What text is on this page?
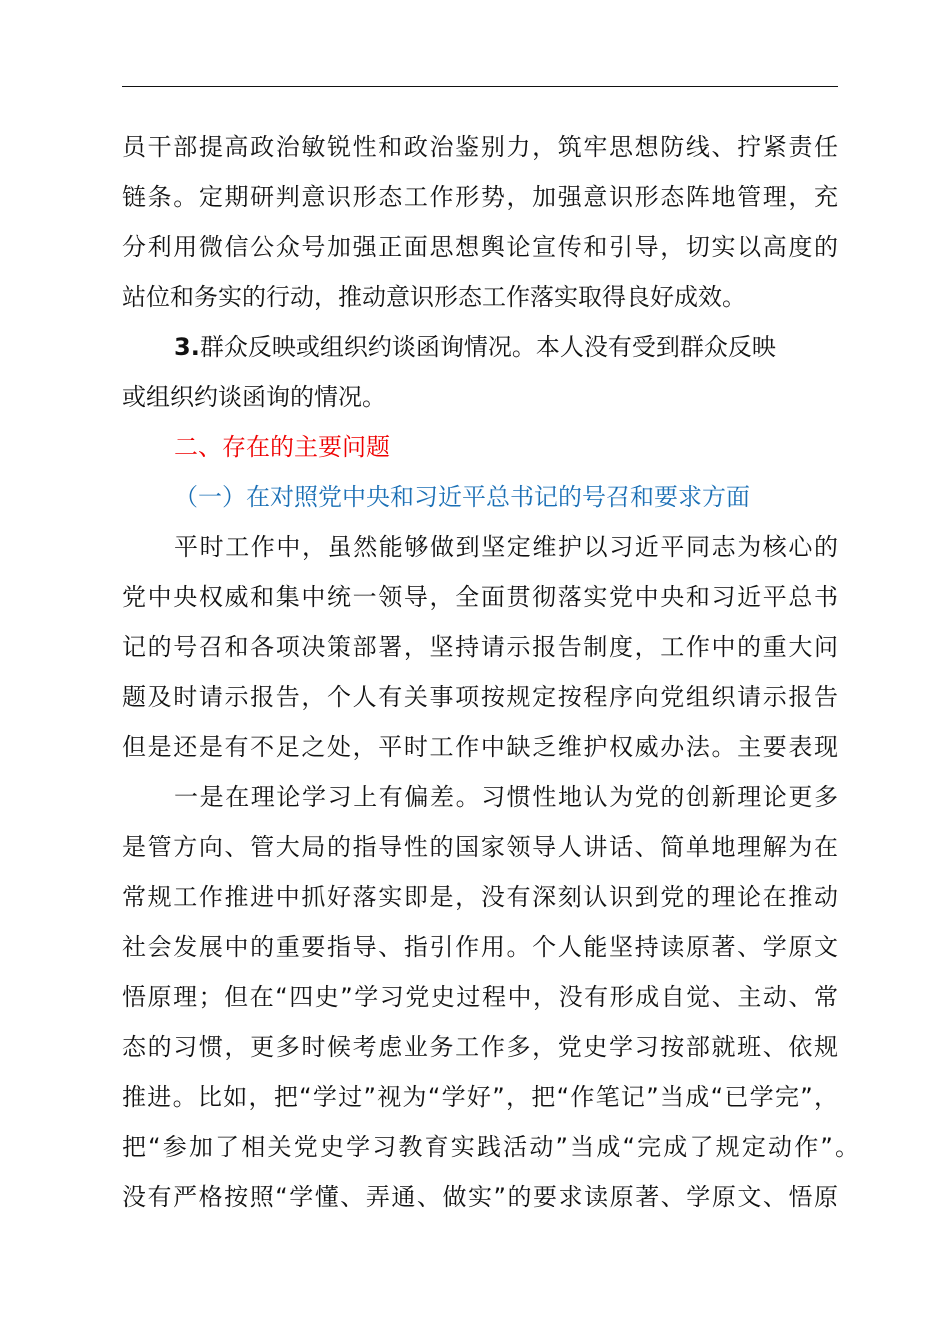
员干部提高政治敏锐性和政治鉴别力，筑牢思想防线、拧紧责任
链条。定期研判意识形态工作形势，加强意识形态阵地管理，充
分利用微信公众号加强正面思想舆论宣传和引导，切实以高度的
站位和务实的行动，推动意识形态工作落实取得良好成效。
3.群众反映或组织约谈函询情况。本人没有受到群众反映
或组织约谈函询的情况。
二、存在的主要问题
（一）在对照党中央和习近平总书记的号召和要求方面
平时工作中，虽然能够做到坚定维护以习近平同志为核心的
党中央权威和集中统一领导，全面贯彻落实党中央和习近平总书
记的号召和各项决策部署，坚持请示报告制度，工作中的重大问
题及时请示报告，个人有关事项按规定按程序向党组织请示报告
但是还是有不足之处，平时工作中缺乏维护权威办法。主要表现
一是在理论学习上有偏差。习惯性地认为党的创新理论更多
是管方向、管大局的指导性的国家领导人讲话、简单地理解为在
常规工作推进中抓好落实即是，没有深刻认识到党的理论在推动
社会发展中的重要指导、指引作用。个人能坚持读原著、学原文
悟原理；但在“四史”学习党史过程中，没有形成自觉、主动、常
态的习惯，更多时候考虑业务工作多，党史学习按部就班、依规
推进。比如，把“学过”视为“学好”，把“作笔记”当成“已学完”，
把“参加了相关党史学习教育实践活动”当成“完成了规定动作”。
没有严格按照“学懂、弄通、做实”的要求读原著、学原文、悟原
